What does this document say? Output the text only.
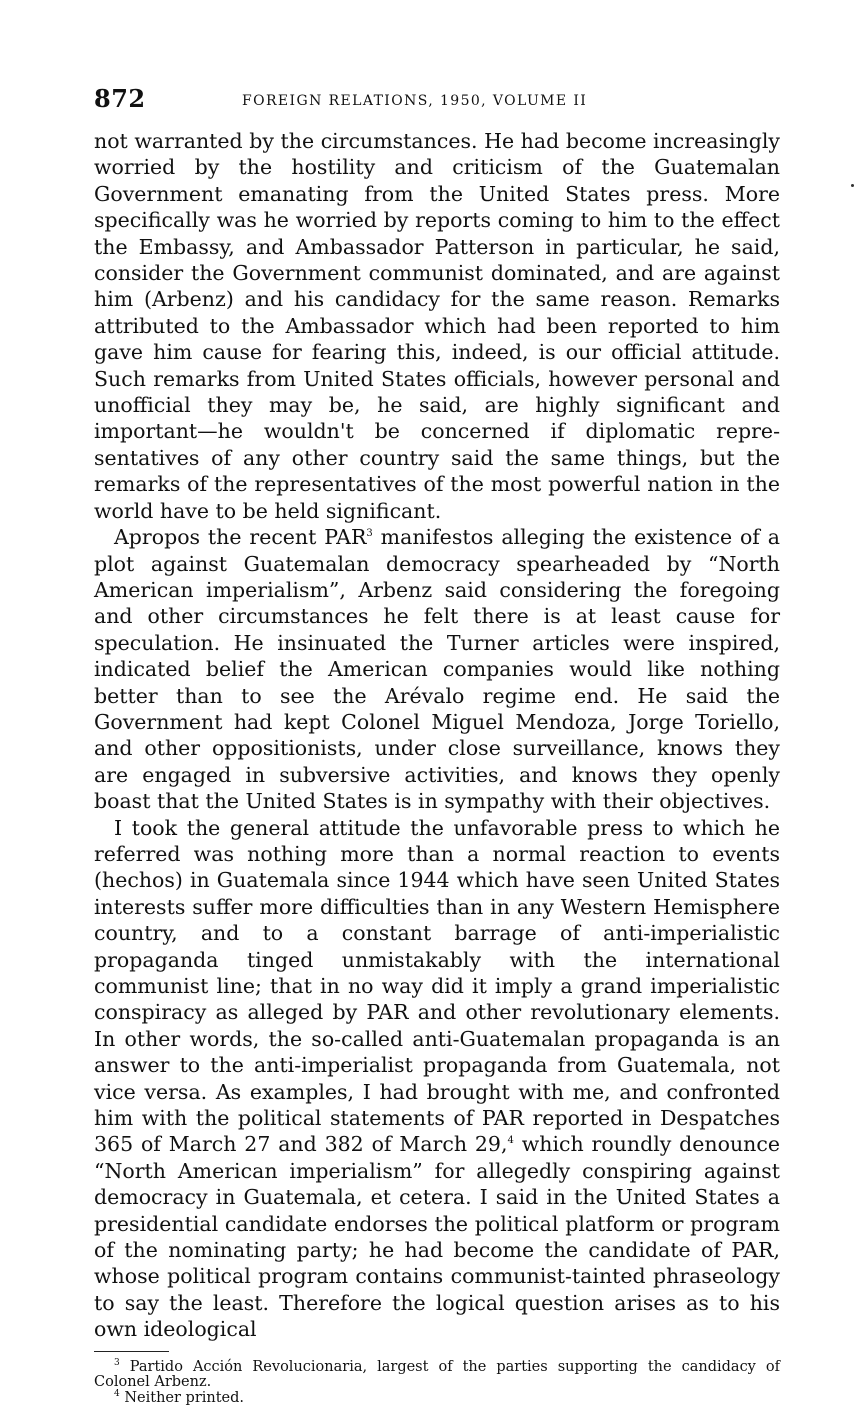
872	FOREIGN RELATIONS, 1950, VOLUME II

not warranted by the circumstances. He had become increasingly worried by the hostility and criticism of the Guatemalan Government emanating from the United States press. More specifically was he worried by reports coming to him to the effect the Embassy, and Ambassador Patterson in particular, he said, consider the Government communist dominated, and are against him (Arbenz) and his candidacy for the same reason. Remarks attributed to the Ambassador which had been reported to him gave him cause for fearing this, indeed, is our official attitude. Such remarks from United States officials, however personal and unofficial they may be, he said, are highly significant and important—he wouldn't be concerned if diplomatic representatives of any other country said the same things, but the remarks of the representatives of the most powerful nation in the world have to be held significant.

Apropos the recent PAR$^3$ manifestos alleging the existence of a plot against Guatemalan democracy spearheaded by “North American imperialism”, Arbenz said considering the foregoing and other circumstances he felt there is at least cause for speculation. He insinuated the Turner articles were inspired, indicated belief the American companies would like nothing better than to see the Arévalo regime end. He said the Government had kept Colonel Miguel Mendoza, Jorge Toriello, and other oppositionists, under close surveillance, knows they are engaged in subversive activities, and knows they openly boast that the United States is in sympathy with their objectives.

I took the general attitude the unfavorable press to which he referred was nothing more than a normal reaction to events (hechos) in Guatemala since 1944 which have seen United States interests suffer more difficulties than in any Western Hemisphere country, and to a constant barrage of anti-imperialistic propaganda tinged unmistakably with the international communist line; that in no way did it imply a grand imperialistic conspiracy as alleged by PAR and other revolutionary elements. In other words, the so-called anti-Guatemalan propaganda is an answer to the anti-imperialist propaganda from Guatemala, not vice versa. As examples, I had brought with me, and confronted him with the political statements of PAR reported in Despatches 365 of March 27 and 382 of March 29,$^4$ which roundly denounce “North American imperialism” for allegedly conspiring against democracy in Guatemala, et cetera. I said in the United States a presidential candidate endorses the political platform or program of the nominating party; he had become the candidate of PAR, whose political program contains communist-tainted phraseology to say the least. Therefore the logical question arises as to his own ideological

$^3$ Partido Acción Revolucionaria, largest of the parties supporting the candidacy of Colonel Arbenz.

$^4$ Neither printed.
